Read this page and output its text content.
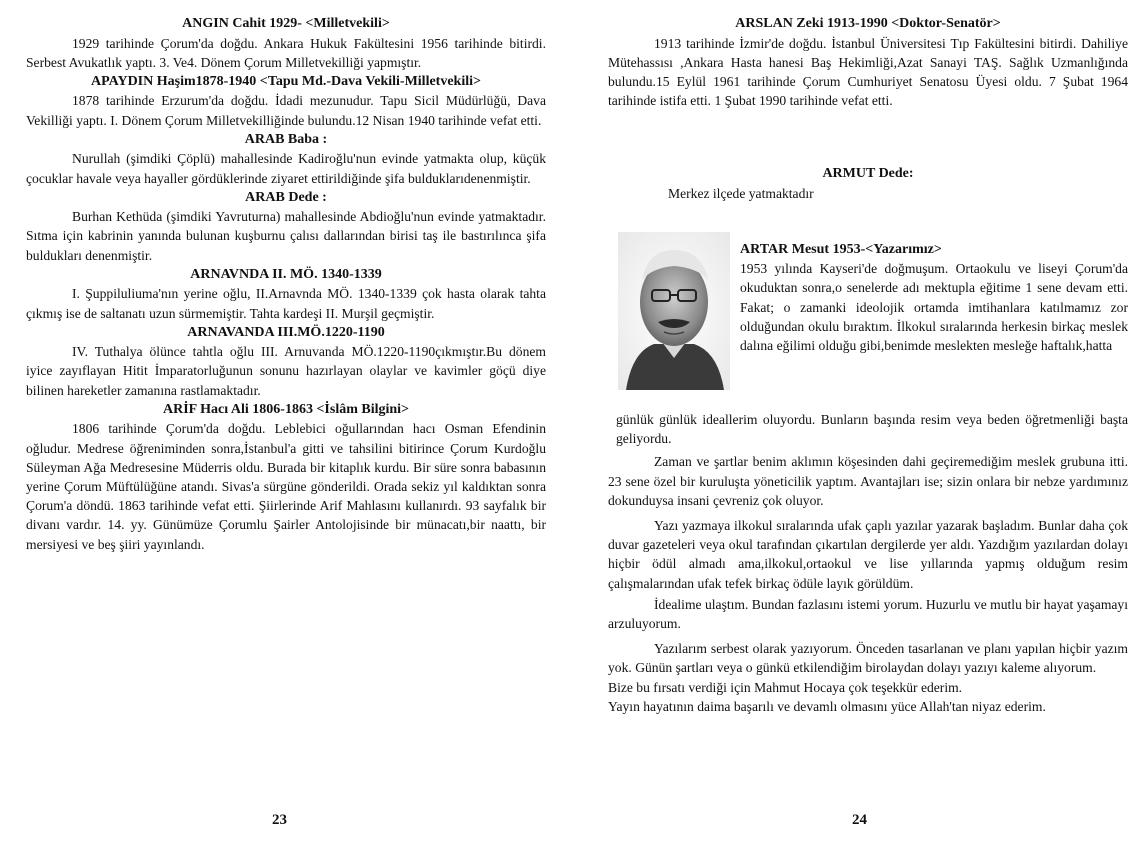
ANGIN Cahit 1929- <Milletvekili>

1929 tarihinde Çorum'da doğdu. Ankara Hukuk Fakültesini 1956 tarihinde bitirdi. Serbest Avukatlık yaptı. 3. Ve4. Dönem Çorum Milletvekilliği yapmıştır.

APAYDIN Haşim1878-1940 <Tapu Md.-Dava Vekili-Milletvekili>

1878 tarihinde Erzurum'da doğdu. İdadi mezunudur. Tapu Sicil Müdürlüğü, Dava Vekilliği yaptı. I. Dönem Çorum Milletvekilliğinde bulundu.12 Nisan 1940 tarihinde vefat etti.

ARAB Baba :

Nurullah (şimdiki Çöplü) mahallesinde Kadiroğlu'nun evinde yatmakta olup, küçük çocuklar havale veya hayaller gördüklerinde ziyaret ettirildiğinde şifa bulduklarıdenenmiştir.

ARAB Dede :

Burhan Kethüda (şimdiki Yavruturna) mahallesinde Abdioğlu'nun evinde yatmaktadır. Sıtma için kabrinin yanında bulunan kuşburnu çalısı dallarından birisi taş ile bastırılınca şifa buldukları denenmiştir.

ARNAVNDA II. MÖ. 1340-1339

I. Şuppiluliuma'nın yerine oğlu, II.Arnavnda MÖ. 1340-1339 çok hasta olarak tahta çıkmış ise de saltanatı uzun sürmemiştir. Tahta kardeşi II. Murşil geçmiştir.

ARNAVANDA III.MÖ.1220-1190

IV. Tuthalya ölünce tahtla oğlu III. Arnuvanda MÖ.1220-1190çıkmıştır.Bu dönem iyice zayıflayan Hitit İmparatorluğunun sonunu hazırlayan olaylar ve kavimler göçü diye bilinen hareketler zamanına rastlamaktadır.

ARİF Hacı Ali 1806-1863 <İslâm Bilgini>

1806 tarihinde Çorum'da doğdu. Leblebici oğullarından hacı Osman Efendinin oğludur. Medrese öğreniminden sonra,İstanbul'a gitti ve tahsilini bitirince Çorum Kurdoğlu Süleyman Ağa Medresesine Müderris oldu. Burada bir kitaplık kurdu. Bir süre sonra babasının yerine Çorum Müftülüğüne atandı. Sivas'a sürgüne gönderildi. Orada sekiz yıl kaldıktan sonra Çorum'a döndü. 1863 tarihinde vefat etti. Şiirlerinde Arif Mahlasını kullanırdı. 93 sayfalık bir divanı vardır. 14. yy. Günümüze Çorumlu Şairler Antolojisinde bir münacatı,bir naattı, bir mersiyesi ve beş şiiri yayınlandı.

23

ARSLAN Zeki 1913-1990 <Doktor-Senatör>

1913 tarihinde İzmir'de doğdu. İstanbul Üniversitesi Tıp Fakültesini bitirdi. Dahiliye Mütehassısı ,Ankara Hasta hanesi Baş Hekimliği,Azat Sanayi TAŞ. Sağlık Uzmanlığında bulundu.15 Eylül 1961 tarihinde Çorum Cumhuriyet Senatosu Üyesi oldu. 7 Şubat 1964 tarihinde istifa etti. 1 Şubat 1990 tarihinde vefat etti.

ARMUT Dede:

Merkez ilçede yatmaktadır

ARTAR Mesut 1953-<Yazarımız>

1953 yılında Kayseri'de doğmuşum. Ortaokulu ve liseyi Çorum'da okuduktan sonra,o senelerde adı mektupla eğitime 1 sene devam etti. Fakat; o zamanki ideolojik ortamda imtihanlara katılmamız zor olduğundan okulu bıraktım. İlkokul sıralarında herkesin birkaç meslek dalına eğilimi olduğu gibi,benimde meslekten mesleğe haftalık,hatta

günlük günlük ideallerim oluyordu. Bunların başında resim veya beden öğretmenliği başta geliyordu.

Zaman ve şartlar benim aklımın köşesinden dahi geçiremediğim meslek grubuna itti. 23 sene özel bir kuruluşta yöneticilik yaptım. Avantajları ise; sizin onlara bir nebze yardımınız dokunduysa insani çevreniz çok oluyor.

Yazı yazmaya ilkokul sıralarında ufak çaplı yazılar yazarak başladım. Bunlar daha çok duvar gazeteleri veya okul tarafından çıkartılan dergilerde yer aldı. Yazdığım yazılardan dolayı hiçbir ödül almadı ama,ilkokul,ortaokul ve lise yıllarında yapmış olduğum resim çalışmalarından ufak tefek birkaç ödüle layık görüldüm.

İdealime ulaştım. Bundan fazlasını istemi yorum. Huzurlu ve mutlu bir hayat yaşamayı arzuluyorum.

Yazılarım serbest olarak yazıyorum. Önceden tasarlanan ve planı yapılan hiçbir yazım yok. Günün şartları veya o günkü etkilendiğim birolaydan dolayı yazıyı kaleme alıyorum.

Bize bu fırsatı verdiği için Mahmut Hocaya çok teşekkür ederim.

Yayın hayatının daima başarılı ve devamlı olmasını yüce Allah'tan niyaz ederim.

24
